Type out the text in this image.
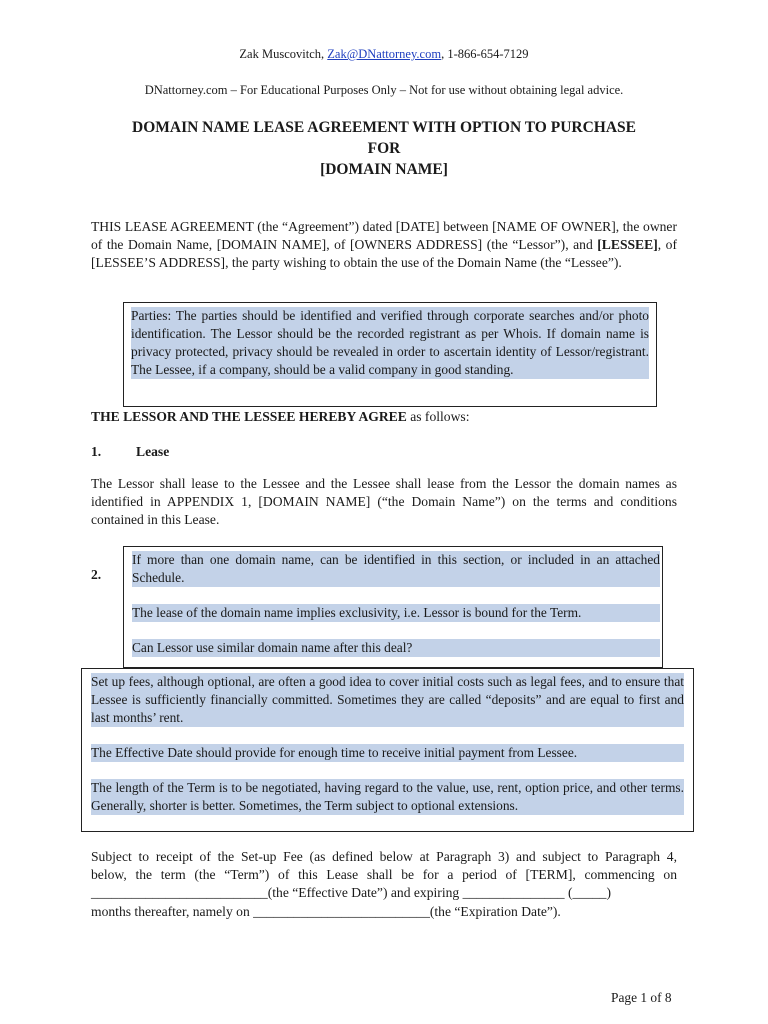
Zak Muscovitch, Zak@DNattorney.com, 1-866-654-7129
DNattorney.com – For Educational Purposes Only – Not for use without obtaining legal advice.
DOMAIN NAME LEASE AGREEMENT WITH OPTION TO PURCHASE
FOR
[DOMAIN NAME]
THIS LEASE AGREEMENT (the “Agreement”) dated [DATE] between [NAME OF OWNER], the owner of the Domain Name, [DOMAIN NAME], of [OWNERS ADDRESS] (the “Lessor”), and [LESSEE], of [LESSEE’S ADDRESS], the party wishing to obtain the use of the Domain Name (the “Lessee”).

Parties: The parties should be identified and verified through corporate searches and/or photo identification. The Lessor should be the recorded registrant as per Whois. If domain name is privacy protected, privacy should be revealed in order to ascertain identity of Lessor/registrant. The Lessee, if a company, should be a valid company in good standing.

THE LESSOR AND THE LESSEE HEREBY AGREE as follows:
1.	Lease
The Lessor shall lease to the Lessee and the Lessee shall lease from the Lessor the domain names as identified in APPENDIX 1, [DOMAIN NAME] (“the Domain Name”) on the terms and conditions contained in this Lease.
2.

If more than one domain name, can be identified in this section, or included in an attached Schedule.

The lease of the domain name implies exclusivity, i.e. Lessor is bound for the Term.

Can Lessor use similar domain name after this deal?

Set up fees, although optional, are often a good idea to cover initial costs such as legal fees, and to ensure that Lessee is sufficiently financially committed. Sometimes they are called “deposits” and are equal to first and last months’ rent.

The Effective Date should provide for enough time to receive initial payment from Lessee.

The length of the Term is to be negotiated, having regard to the value, use, rent, option price, and other terms. Generally, shorter is better. Sometimes, the Term subject to optional extensions.

Subject to receipt of the Set-up Fee (as defined below at Paragraph 3) and subject to Paragraph 4,
below, the term (the “Term”) of this Lease shall be for a period of [TERM], commencing on
__________________________(the “Effective Date”) and expiring _______________ (_____)
months thereafter, namely on __________________________(the “Expiration Date”).
Page 1 of 8
